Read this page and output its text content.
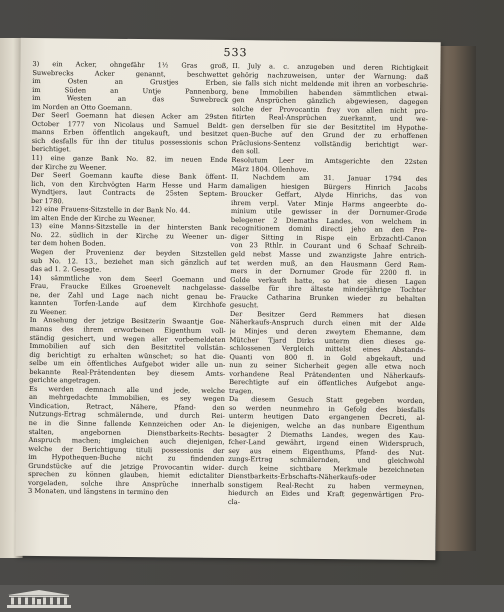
533
3) ein Acker, ohngefähr 1½ Gras groß,
Suwebrecks Acker genannt, beschwettet
im Osten an Grustjes Erben,
im Süden an Untje Pannenborg,
im Westen an das Suwebreck
im Norden an Otto Goemann.
Der Seerl Goemann hat diesen Acker am 29sten
October 1777 von Nicolaus und Samuel Beldt-
manns Erben öffentlich angekauft, und besitzet
sich desfalls für ihn der titulus possessionis schon
berichtiget.
11) eine ganze Bank No. 82. im neuen Ende
der Kirche zu Weener.
Der Seerl Goemann kaufte diese Bank öffent-
lich, von den Kirchvögten Harm Hesse und Harm
Wyndtjers, laut Contracts de 25sten Septem-
ber 1780.
12) eine Frauens-Sitzstelle in der Bank No. 44.
im alten Ende der Kirche zu Weener.
13) eine Manns-Sitzstelle in der hintersten Bank
No. 22. südlich in der Kirche zu Weener un-
ter dem hohen Boden.
Wegen der Provenienz der beyden Sitzstellen
sub No. 12. 13., beziehet man sich gänzlich auf
das ad 1. 2. Gesagte.
14) sämmtliche von dem Seerl Goemann und
Frau, Fraucke Eilkes Groenevelt nachgelasse-
ne, der Zahl und Lage nach nicht genau be-
kannten Torfen-Lande auf dem Kirchhofe
zu Weener.
In Ansehung der jetzige Besitzerin Swaantje Goe-
manns des ihrem erworbenen Eigenthum voll-
ständig gesichert, und wegen aller vorbemeldeten
Immobilien auf sich den Besitztitel vollstän-
dig berichtigt zu erhalten wünschet; so hat die-
selbe um ein öffentliches Aufgebot wider alle un-
bekannte Real-Prätendenten bey diesem Amts-
gerichte angetragen.
Es werden demnach alle und jede, welche
an mehrgedachte Immobilien, es sey wegen
Vindication, Retract, Nähere, Pfand- den
Nutzungs-Ertrag schmälernde, und durch Rei-
ne in die Sinne fallende Kennzeichen oder An-
stalten, angebornen Dienstbarkeits-Rechts-
Anspruch machen; imgleichen auch diejenigen,
welche der Berichtigung tituli possessionis der
im Hypothequen-Buche nicht zu findenden
Grundstücke auf die jetzige Provocantin wider-
sprechen zu können glauben, hiemit edictaliter
vorgeladen, solche ihre Ansprüche innerhalb
3 Monaten, und längstens in termino den
II. July a. c. anzugeben und deren Richtigkeit
gehörig nachzuweisen, unter der Warnung: daß
sie falls sich nicht meldende mit ihren an vorbeschrie-
bene Immobilien habenden sämmtlichen etwai-
gen Ansprüchen gänzlich abgewiesen, dagegen
solche der Provocantin frey von allen nicht pro-
fitirten Real-Ansprüchen zuerkannt, und we-
gen derselben für sie der Besitztitel im Hypothe-
quen-Buche auf den Grund der zu erhoffenen
Präclusions-Sentenz vollständig berichtigt wer-
den soll.
Resolutum Leer im Amtsgerichte den 22sten
März 1804. Ollenhove.
II. Nachdem am 31. Januar 1794 des
damaligen hiesigen Bürgers Hinrich Jacobs
Broucker Geffart, Alyde Hinrichs, das von
ihrem verpl. Vater Minje Harms angeerbte do-
minium utile gewisser in der Dornumer-Grode
belegener 2 Diemaths Landes, von welchem in
recognitionem domini directi jeho an den Pre-
diger Sitting in Rispe ein Erbzachtl-Canon
von 23 Rthlr. in Courant und 6 Schaaf Schreib-
geld nebst Masse und zwanzigste Jahre entrich-
tet werden muß, an den Hausmann Gerd Rem-
mers in der Dornumer Grode für 2200 fl. in
Golde verkauft hatte, so hat sie diesen Lagen
dasselbe für ihre älteste minderjährige Tochter
Fraucke Catharina Brunken wieder zu behalten
gesucht.
Der Besitzer Gerd Remmers hat diesen
Näherkaufs-Anspruch durch einen mit der Alde
je Minjes und deren zweytem Ehemanne, dem
Mütcher Tjard Dirks unterm dien dieses ge-
schlossenen Vergleich mittelst eines Abstands-
Quanti von 800 fl. in Gold abgekauft, und
nun zu seiner Sicherheit gegen alle etwa noch
vorhandene Real Prätendenten und Näherkaufs-
Berechtigte auf ein öffentliches Aufgebot ange-
tragen.
Da diesem Gesuch Statt gegeben worden,
so werden neunmehro in Gefolg des biesfalls
unterm heutigen Dato ergangenen Decreti, al-
le diejenigen, welche an das nunbare Eigenthum
besagter 2 Diemaths Landes, wegen des Kau-
fcher-Land gewährt, irgend einen Widerspruch,
sey aus einem Eigenthums, Pfand- des Nut-
zungs-Ertrag schmälernden, und gleichwohl
durch keine sichtbare Merkmale bezeichneten
Dienstbarkeits-Erbschafts-Näherkaufs-oder
sonstigem Real-Recht zu haben vermeynen,
hiedurch an Eides und Kraft gegenwärtigen Pro-
cla-
